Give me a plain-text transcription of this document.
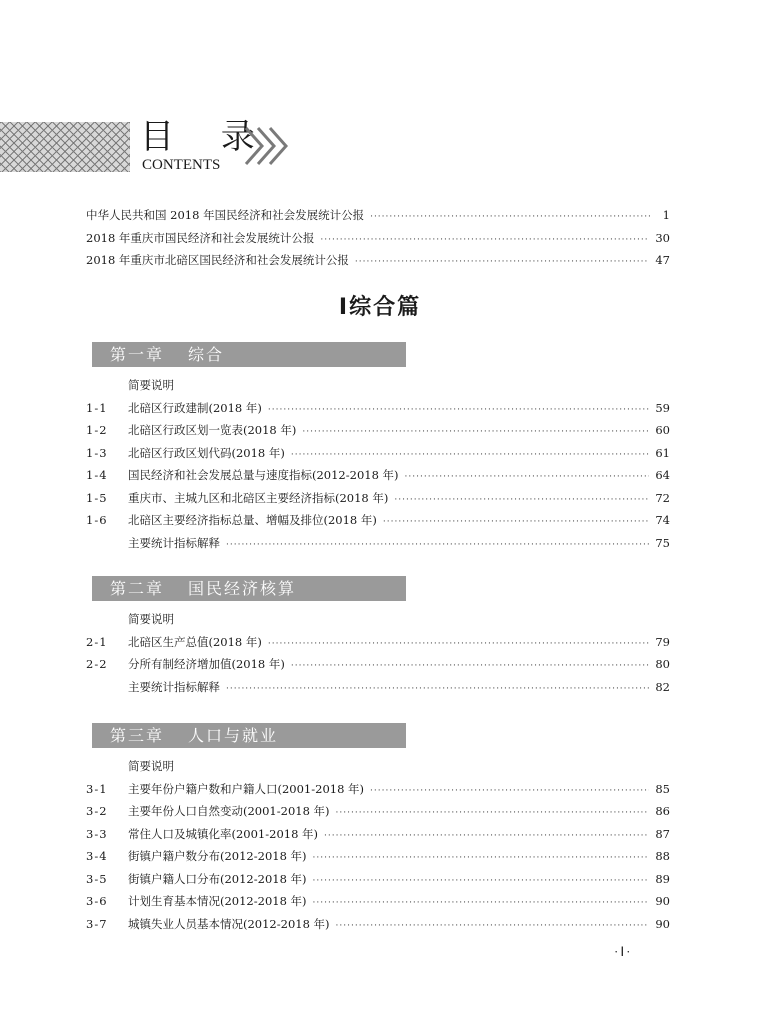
目 录
CONTENTS
中华人民共和国 2018 年国民经济和社会发展统计公报 ·····	1
2018 年重庆市国民经济和社会发展统计公报 ·····	30
2018 年重庆市北碚区国民经济和社会发展统计公报 ·····	47
Ⅰ综合篇
第一章 综合
简要说明
1-1	北碚区行政建制(2018 年) ·····	59
1-2	北碚区行政区划一览表(2018 年) ·····	60
1-3	北碚区行政区划代码(2018 年) ·····	61
1-4	国民经济和社会发展总量与速度指标(2012-2018 年) ·····	64
1-5	重庆市、主城九区和北碚区主要经济指标(2018 年) ·····	72
1-6	北碚区主要经济指标总量、增幅及排位(2018 年) ·····	74
主要统计指标解释 ·····	75
第二章 国民经济核算
简要说明
2-1	北碚区生产总值(2018 年) ·····	79
2-2	分所有制经济增加值(2018 年) ·····	80
主要统计指标解释 ·····	82
第三章 人口与就业
简要说明
3-1	主要年份户籍户数和户籍人口(2001-2018 年) ·····	85
3-2	主要年份人口自然变动(2001-2018 年) ·····	86
3-3	常住人口及城镇化率(2001-2018 年) ·····	87
3-4	街镇户籍户数分布(2012-2018 年) ·····	88
3-5	街镇户籍人口分布(2012-2018 年) ·····	89
3-6	计划生育基本情况(2012-2018 年) ·····	90
3-7	城镇失业人员基本情况(2012-2018 年) ·····	90
·Ⅰ·
